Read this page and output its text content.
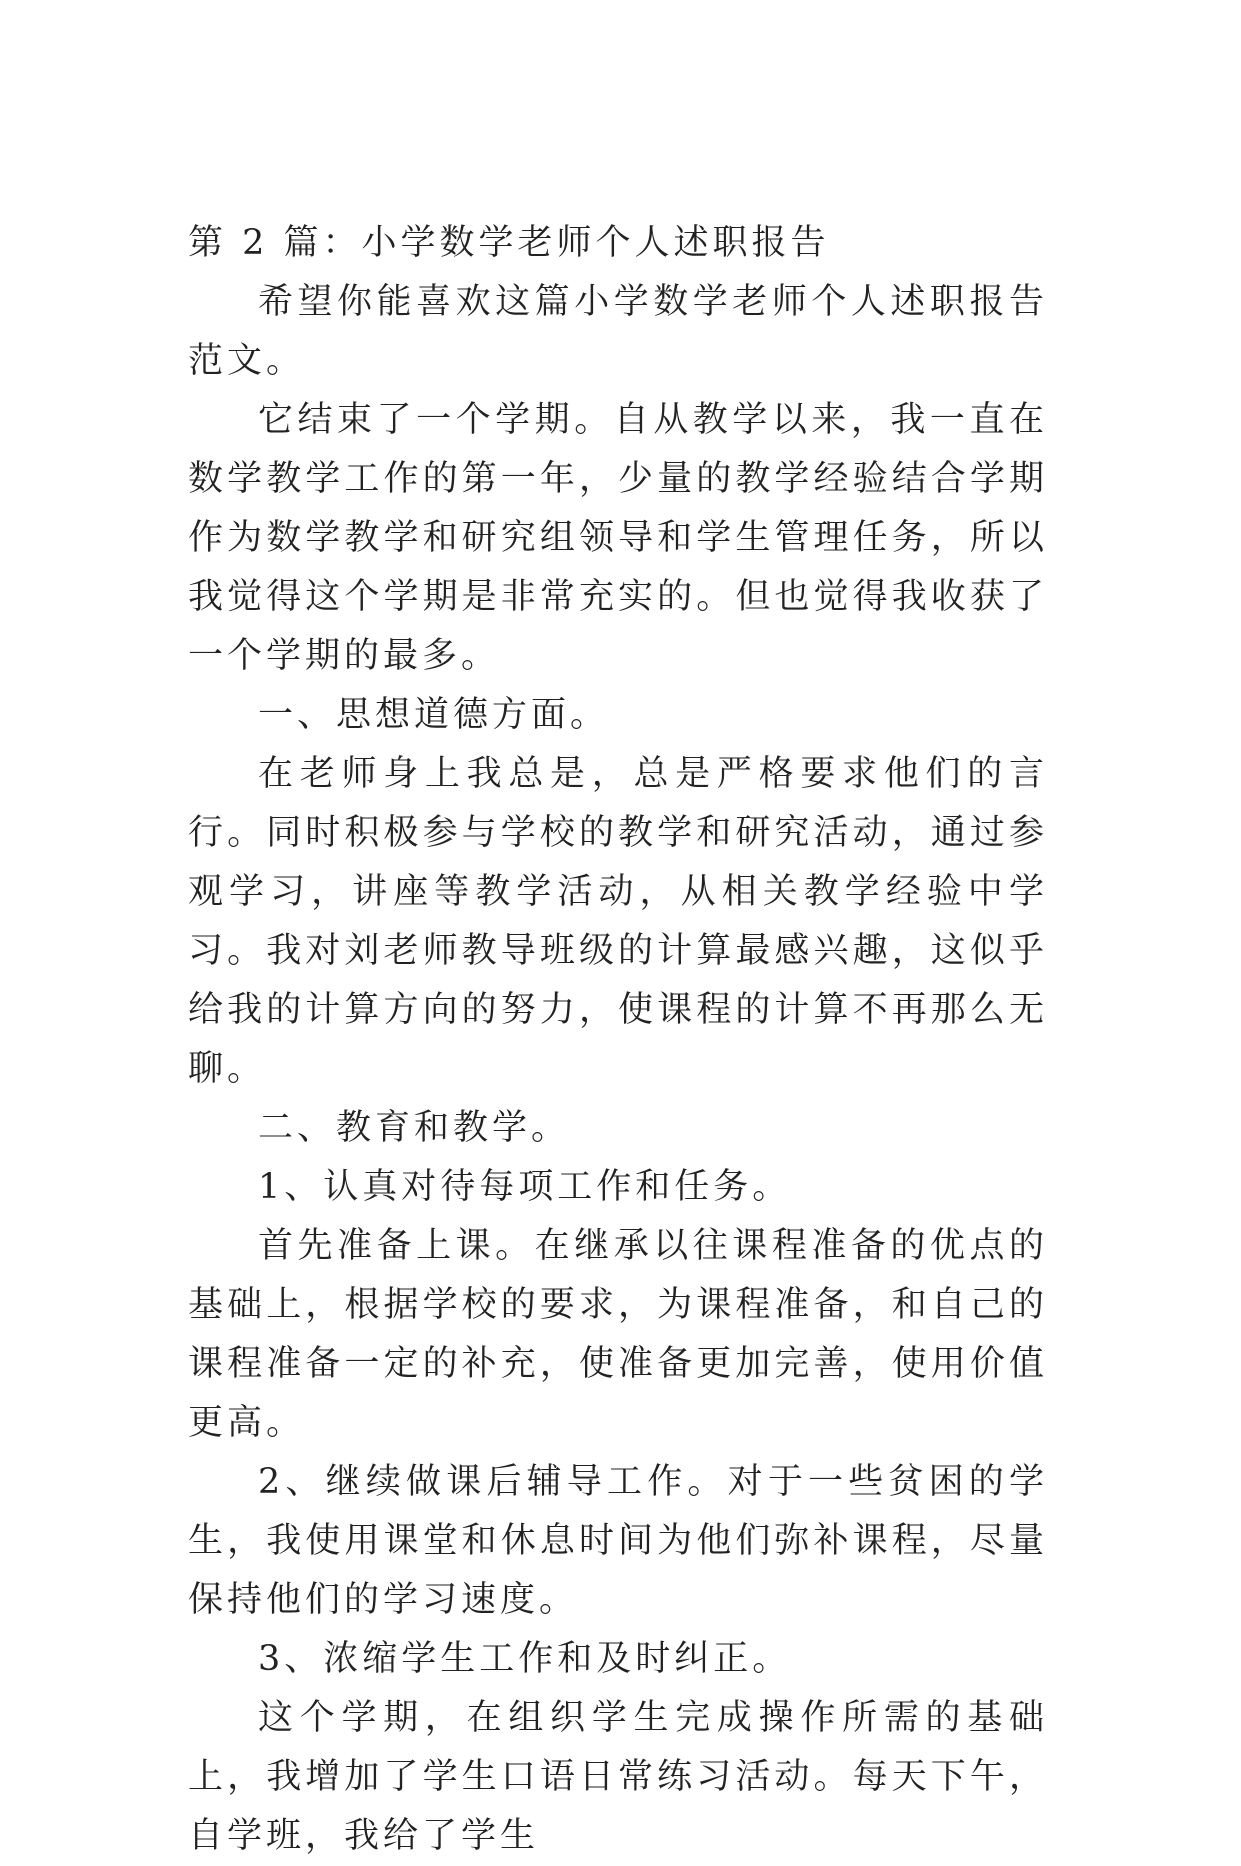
第 2 篇：小学数学老师个人述职报告

希望你能喜欢这篇小学数学老师个人述职报告范文。

它结束了一个学期。自从教学以来，我一直在数学教学工作的第一年，少量的教学经验结合学期作为数学教学和研究组领导和学生管理任务，所以我觉得这个学期是非常充实的。但也觉得我收获了一个学期的最多。

一、思想道德方面。

在老师身上我总是，总是严格要求他们的言行。同时积极参与学校的教学和研究活动，通过参观学习，讲座等教学活动，从相关教学经验中学习。我对刘老师教导班级的计算最感兴趣，这似乎给我的计算方向的努力，使课程的计算不再那么无聊。

二、教育和教学。

1、认真对待每项工作和任务。

首先准备上课。在继承以往课程准备的优点的基础上，根据学校的要求，为课程准备，和自己的课程准备一定的补充，使准备更加完善，使用价值更高。

2、继续做课后辅导工作。对于一些贫困的学生，我使用课堂和休息时间为他们弥补课程，尽量保持他们的学习速度。

3、浓缩学生工作和及时纠正。

这个学期，在组织学生完成操作所需的基础上，我增加了学生口语日常练习活动。每天下午，自学班，我给了学生
